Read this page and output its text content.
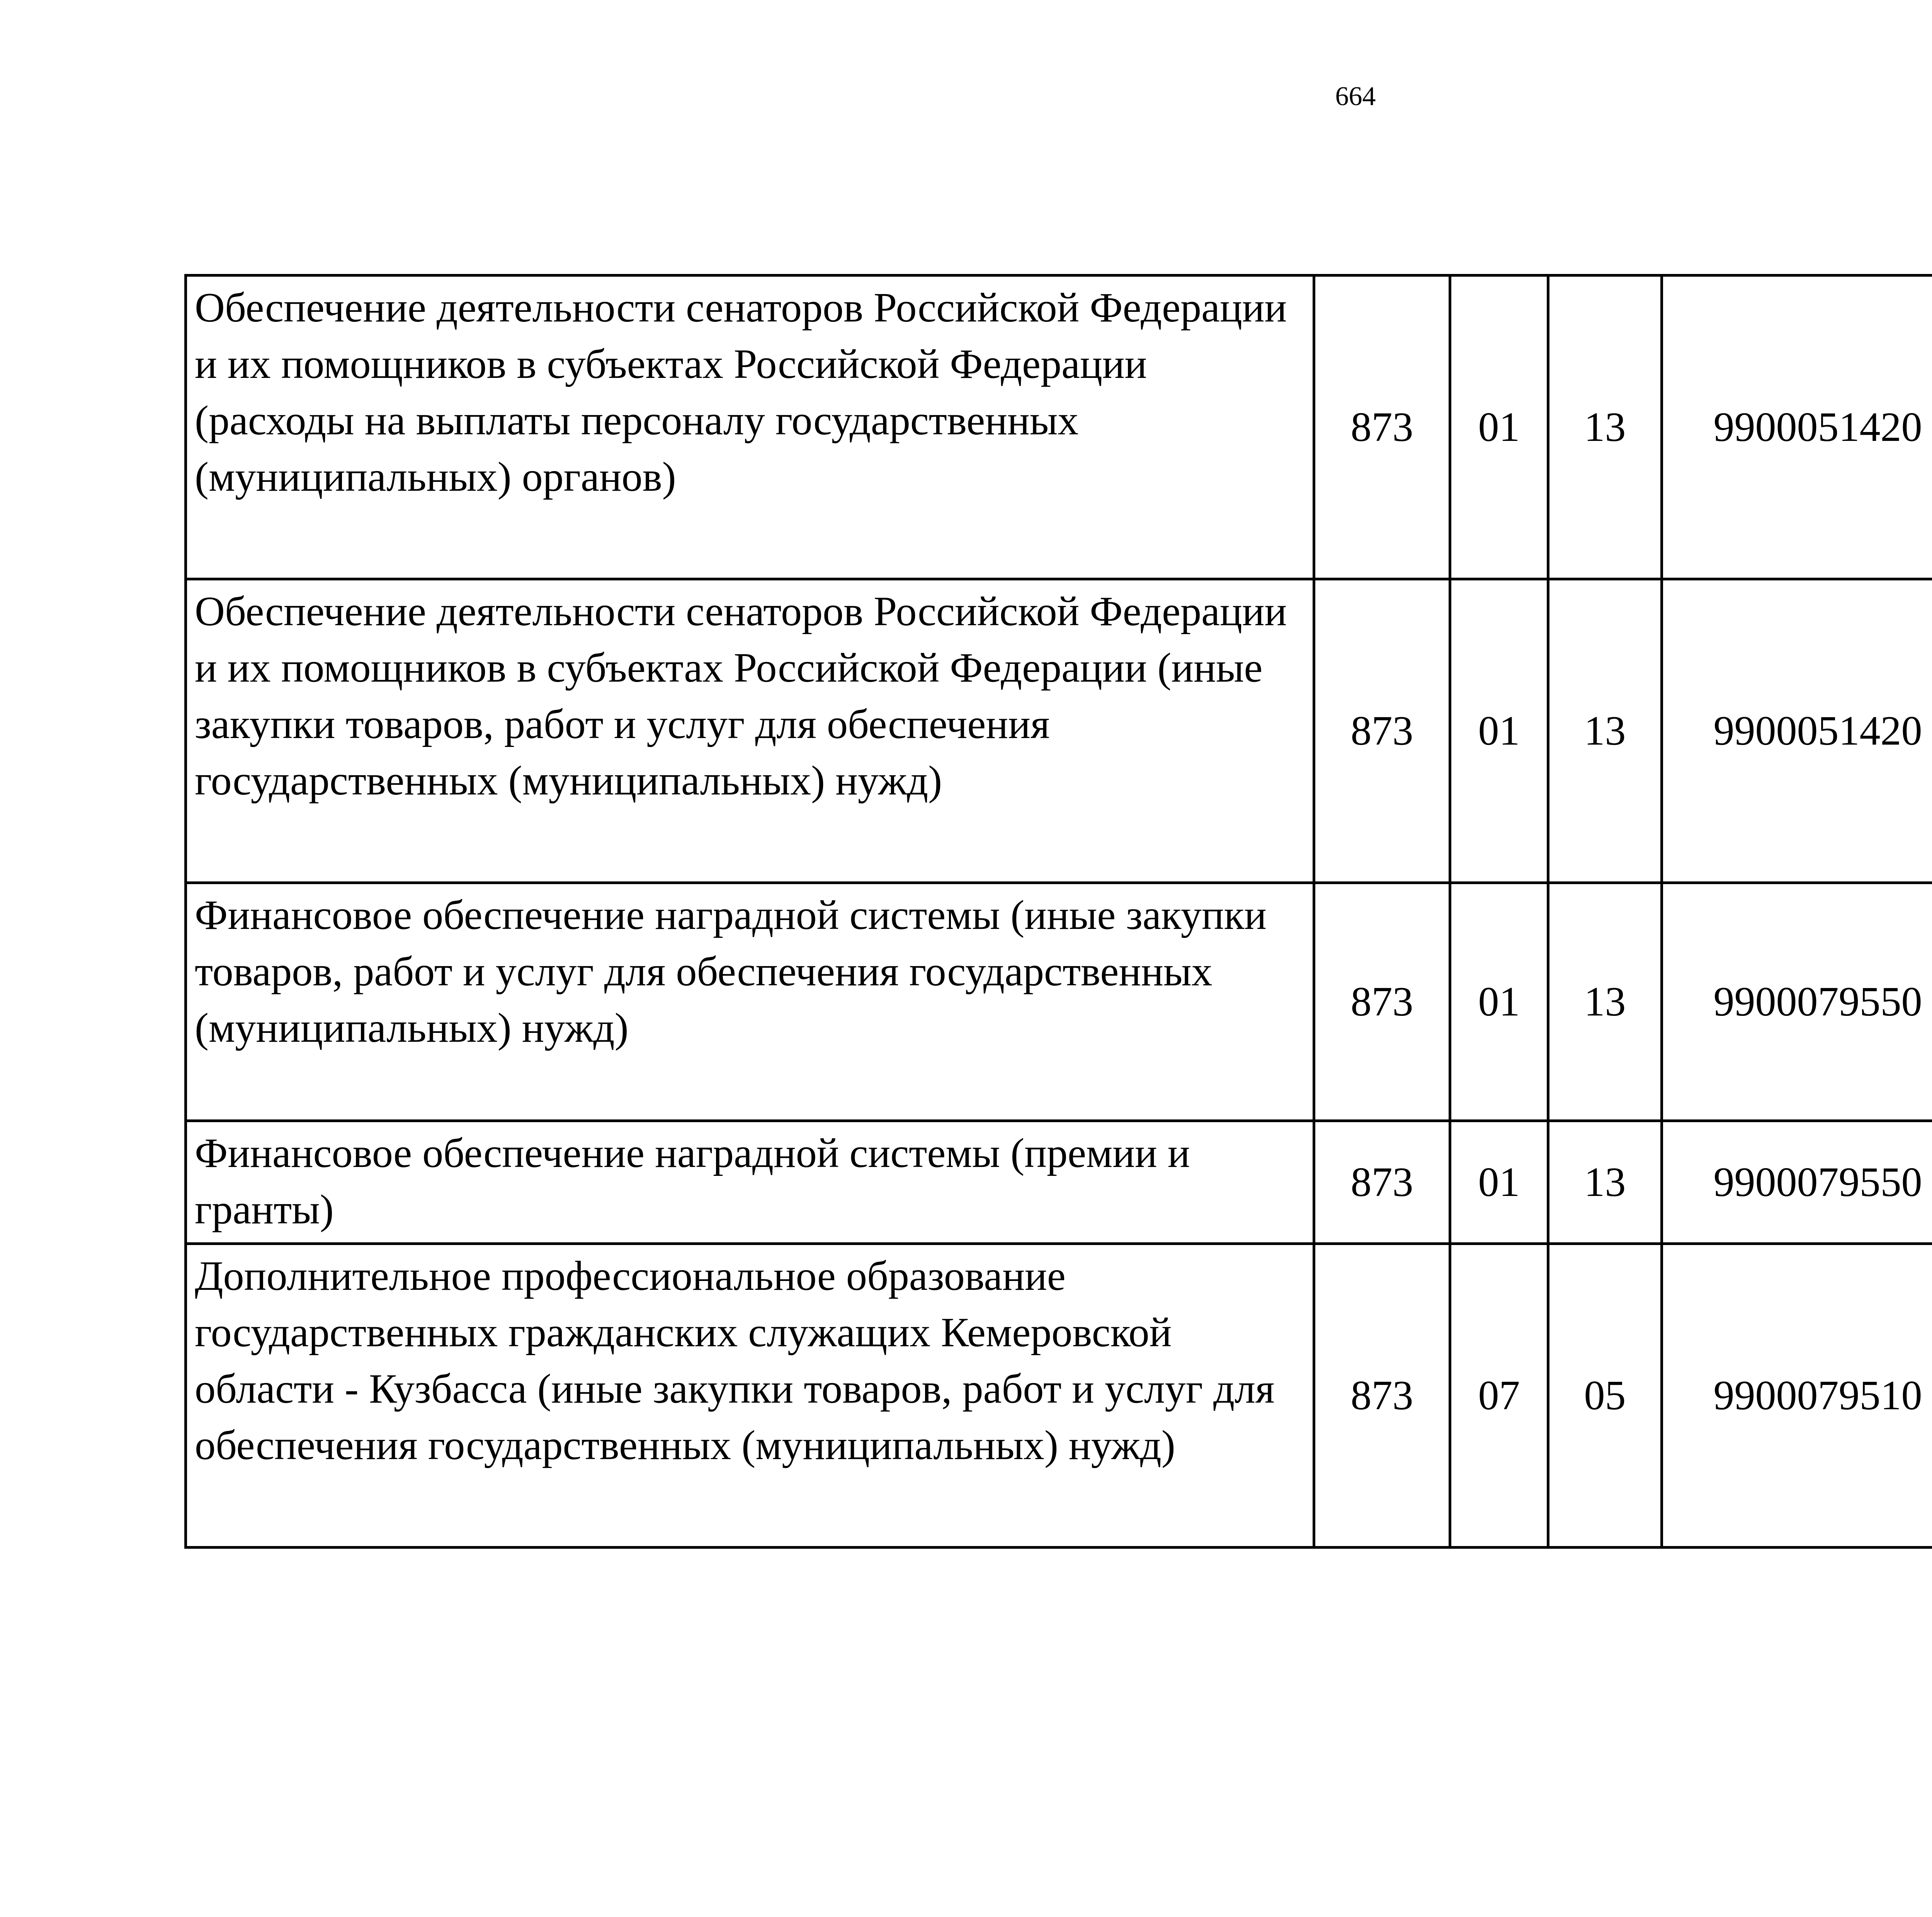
664
Обеспечение деятельности сенаторов Российской Федерации и их помощников в субъектах Российской Федерации (расходы на выплаты персоналу государственных (муниципальных) органов)	873	01	13	9900051420		
Обеспечение деятельности сенаторов Российской Федерации и их помощников в субъектах Российской Федерации (иные закупки товаров, работ и услуг для обеспечения государственных (муниципальных) нужд)	873	01	13	9900051420		
Финансовое обеспечение наградной системы (иные закупки товаров, работ и услуг для обеспечения государственных (муниципальных) нужд)	873	01	13	9900079550		
Финансовое обеспечение наградной системы (премии и гранты)	873	01	13	9900079550		
Дополнительное профессиональное образование государственных гражданских служащих Кемеровской области - Кузбасса (иные закупки товаров, работ и услуг для обеспечения государственных (муниципальных) нужд)	873	07	05	9900079510		
